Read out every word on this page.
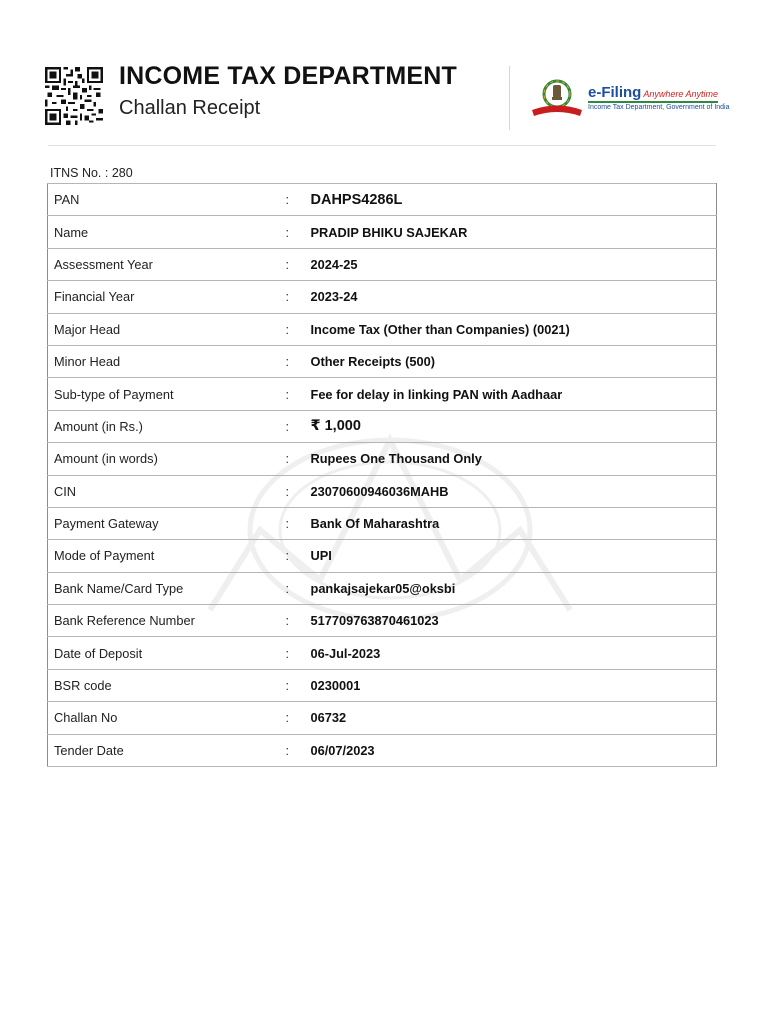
INCOME TAX DEPARTMENT
Challan Receipt
e-Filing Anywhere Anytime
Income Tax Department, Government of India
ITNS No. : 280
PAN	:	DAHPS4286L
Name	:	PRADIP BHIKU SAJEKAR
Assessment Year	:	2024-25
Financial Year	:	2023-24
Major Head	:	Income Tax (Other than Companies) (0021)
Minor Head	:	Other Receipts (500)
Sub-type of Payment	:	Fee for delay in linking PAN with Aadhaar
Amount (in Rs.)	:	₹ 1,000
Amount (in words)	:	Rupees One Thousand Only
CIN	:	23070600946036MAHB
Payment Gateway	:	Bank Of Maharashtra
Mode of Payment	:	UPI
Bank Name/Card Type	:	pankajsajekar05@oksbi
Bank Reference Number	:	517709763870461023
Date of Deposit	:	06-Jul-2023
BSR code	:	0230001
Challan No	:	06732
Tender Date	:	06/07/2023
